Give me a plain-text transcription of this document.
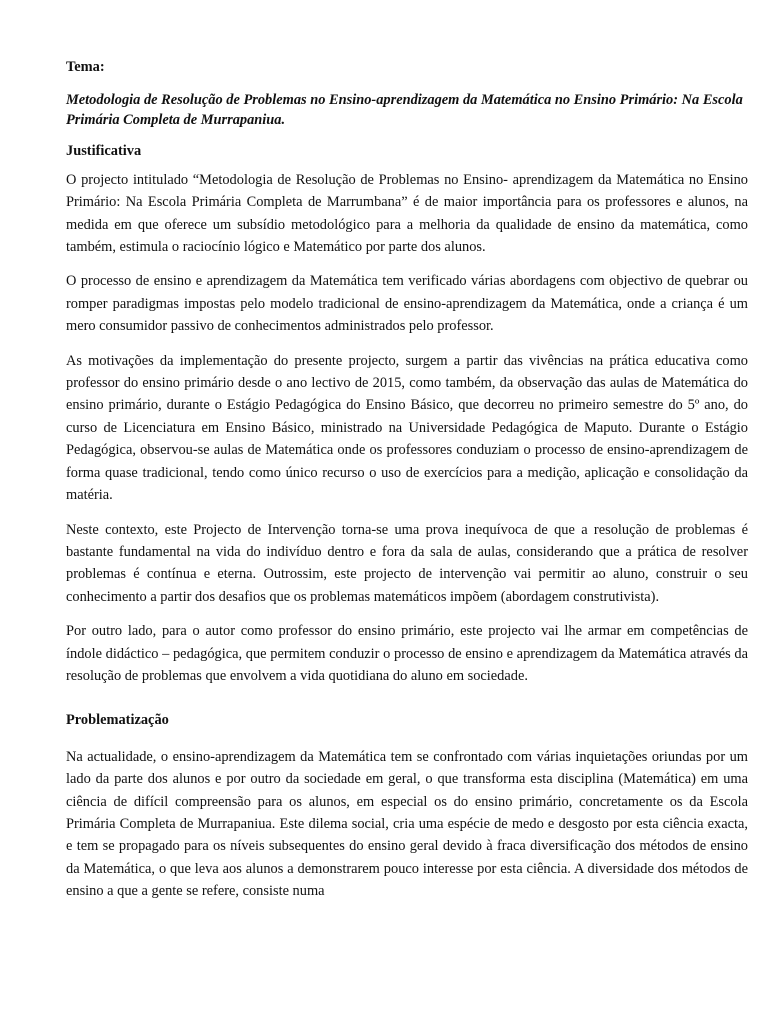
Tema:
Metodologia de Resolução de Problemas no Ensino-aprendizagem da Matemática no Ensino Primário: Na Escola Primária Completa de Murrapaniua.
Justificativa

O projecto intitulado “Metodologia de Resolução de Problemas no Ensino- aprendizagem da Matemática no Ensino Primário: Na Escola Primária Completa de Marrumbana” é de maior importância para os professores e alunos, na medida em que oferece um subsídio metodológico para a melhoria da qualidade de ensino da matemática, como também, estimula o raciocínio lógico e Matemático por parte dos alunos.

O processo de ensino e aprendizagem da Matemática tem verificado várias abordagens com objectivo de quebrar ou romper paradigmas impostas pelo modelo tradicional de ensino-aprendizagem da Matemática, onde a criança é um mero consumidor passivo de conhecimentos administrados pelo professor.

As motivações da implementação do presente projecto, surgem a partir das vivências na prática educativa como professor do ensino primário desde o ano lectivo de 2015, como também, da observação das aulas de Matemática do ensino primário, durante o Estágio Pedagógica do Ensino Básico, que decorreu no primeiro semestre do 5º ano, do curso de Licenciatura em Ensino Básico, ministrado na Universidade Pedagógica de Maputo. Durante o Estágio Pedagógica, observou-se aulas de Matemática onde os professores conduziam o processo de ensino-aprendizagem de forma quase tradicional, tendo como único recurso o uso de exercícios para a medição, aplicação e consolidação da matéria.

Neste contexto, este Projecto de Intervenção torna-se uma prova inequívoca de que a resolução de problemas é bastante fundamental na vida do indivíduo dentro e fora da sala de aulas, considerando que a prática de resolver problemas é contínua e eterna. Outrossim, este projecto de intervenção vai permitir ao aluno, construir o seu conhecimento a partir dos desafios que os problemas matemáticos impõem (abordagem construtivista).

Por outro lado, para o autor como professor do ensino primário, este projecto vai lhe armar em competências de índole didáctico – pedagógica, que permitem conduzir o processo de ensino e aprendizagem da Matemática através da resolução de problemas que envolvem a vida quotidiana do aluno em sociedade.

Problematização

Na actualidade, o ensino-aprendizagem da Matemática tem se confrontado com várias inquietações oriundas por um lado da parte dos alunos e por outro da sociedade em geral, o que transforma esta disciplina (Matemática) em uma ciência de difícil compreensão para os alunos, em especial os do ensino primário, concretamente os da Escola Primária Completa de Murrapaniua. Este dilema social, cria uma espécie de medo e desgosto por esta ciência exacta, e tem se propagado para os níveis subsequentes do ensino geral devido à fraca diversificação dos métodos de ensino da Matemática, o que leva aos alunos a demonstrarem pouco interesse por esta ciência. A diversidade dos métodos de ensino a que a gente se refere, consiste numa
